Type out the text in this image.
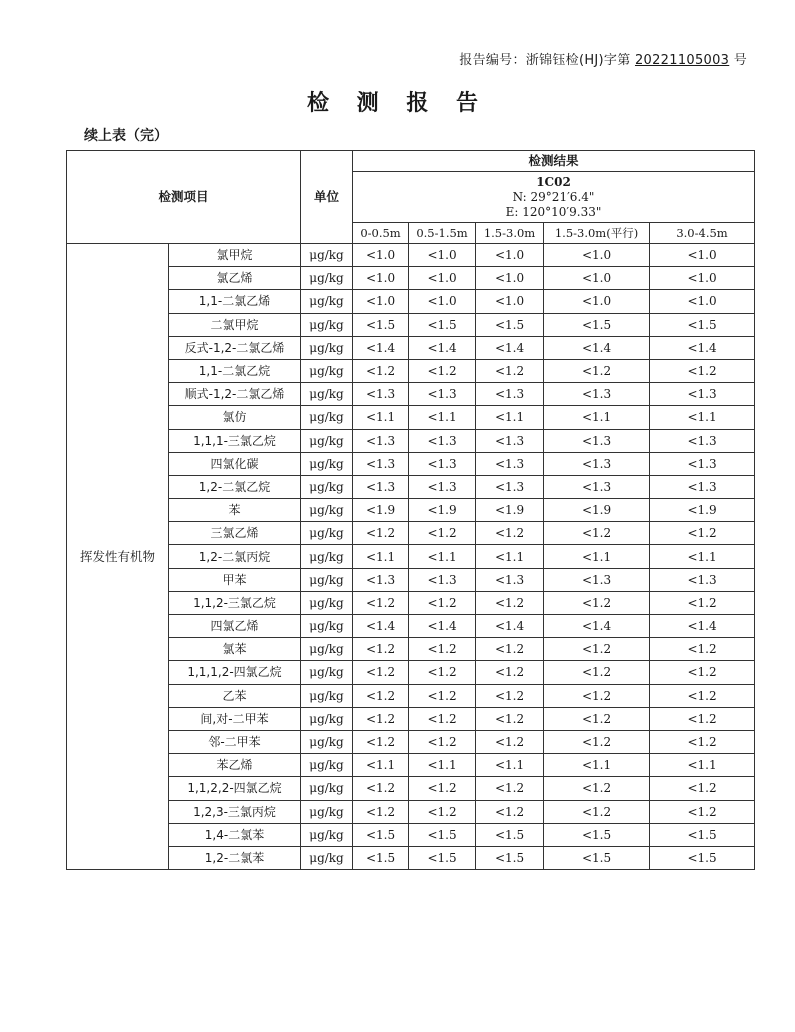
报告编号：浙锦钰检(HJ)字第 20221105003 号
检 测 报 告
续上表（完）
检测项目		单位	检测结果				

			1C02
N: 29°21′6.4"
E: 120°10′9.33"				

			0-0.5m	0.5-1.5m	1.5-3.0m	1.5-3.0m(平行)	3.0-4.5m
挥发性有机物	氯甲烷	μg/kg	<1.0	<1.0	<1.0	<1.0	<1.0
	氯乙烯	μg/kg	<1.0	<1.0	<1.0	<1.0	<1.0
	1,1-二氯乙烯	μg/kg	<1.0	<1.0	<1.0	<1.0	<1.0
	二氯甲烷	μg/kg	<1.5	<1.5	<1.5	<1.5	<1.5
	反式-1,2-二氯乙烯	μg/kg	<1.4	<1.4	<1.4	<1.4	<1.4
	1,1-二氯乙烷	μg/kg	<1.2	<1.2	<1.2	<1.2	<1.2
	顺式-1,2-二氯乙烯	μg/kg	<1.3	<1.3	<1.3	<1.3	<1.3
	氯仿	μg/kg	<1.1	<1.1	<1.1	<1.1	<1.1
	1,1,1-三氯乙烷	μg/kg	<1.3	<1.3	<1.3	<1.3	<1.3
	四氯化碳	μg/kg	<1.3	<1.3	<1.3	<1.3	<1.3
	1,2-二氯乙烷	μg/kg	<1.3	<1.3	<1.3	<1.3	<1.3
	苯	μg/kg	<1.9	<1.9	<1.9	<1.9	<1.9
	三氯乙烯	μg/kg	<1.2	<1.2	<1.2	<1.2	<1.2
	1,2-二氯丙烷	μg/kg	<1.1	<1.1	<1.1	<1.1	<1.1
	甲苯	μg/kg	<1.3	<1.3	<1.3	<1.3	<1.3
	1,1,2-三氯乙烷	μg/kg	<1.2	<1.2	<1.2	<1.2	<1.2
	四氯乙烯	μg/kg	<1.4	<1.4	<1.4	<1.4	<1.4
	氯苯	μg/kg	<1.2	<1.2	<1.2	<1.2	<1.2
	1,1,1,2-四氯乙烷	μg/kg	<1.2	<1.2	<1.2	<1.2	<1.2
	乙苯	μg/kg	<1.2	<1.2	<1.2	<1.2	<1.2
	间,对-二甲苯	μg/kg	<1.2	<1.2	<1.2	<1.2	<1.2
	邻-二甲苯	μg/kg	<1.2	<1.2	<1.2	<1.2	<1.2
	苯乙烯	μg/kg	<1.1	<1.1	<1.1	<1.1	<1.1
	1,1,2,2-四氯乙烷	μg/kg	<1.2	<1.2	<1.2	<1.2	<1.2
	1,2,3-三氯丙烷	μg/kg	<1.2	<1.2	<1.2	<1.2	<1.2
	1,4-二氯苯	μg/kg	<1.5	<1.5	<1.5	<1.5	<1.5
	1,2-二氯苯	μg/kg	<1.5	<1.5	<1.5	<1.5	<1.5
